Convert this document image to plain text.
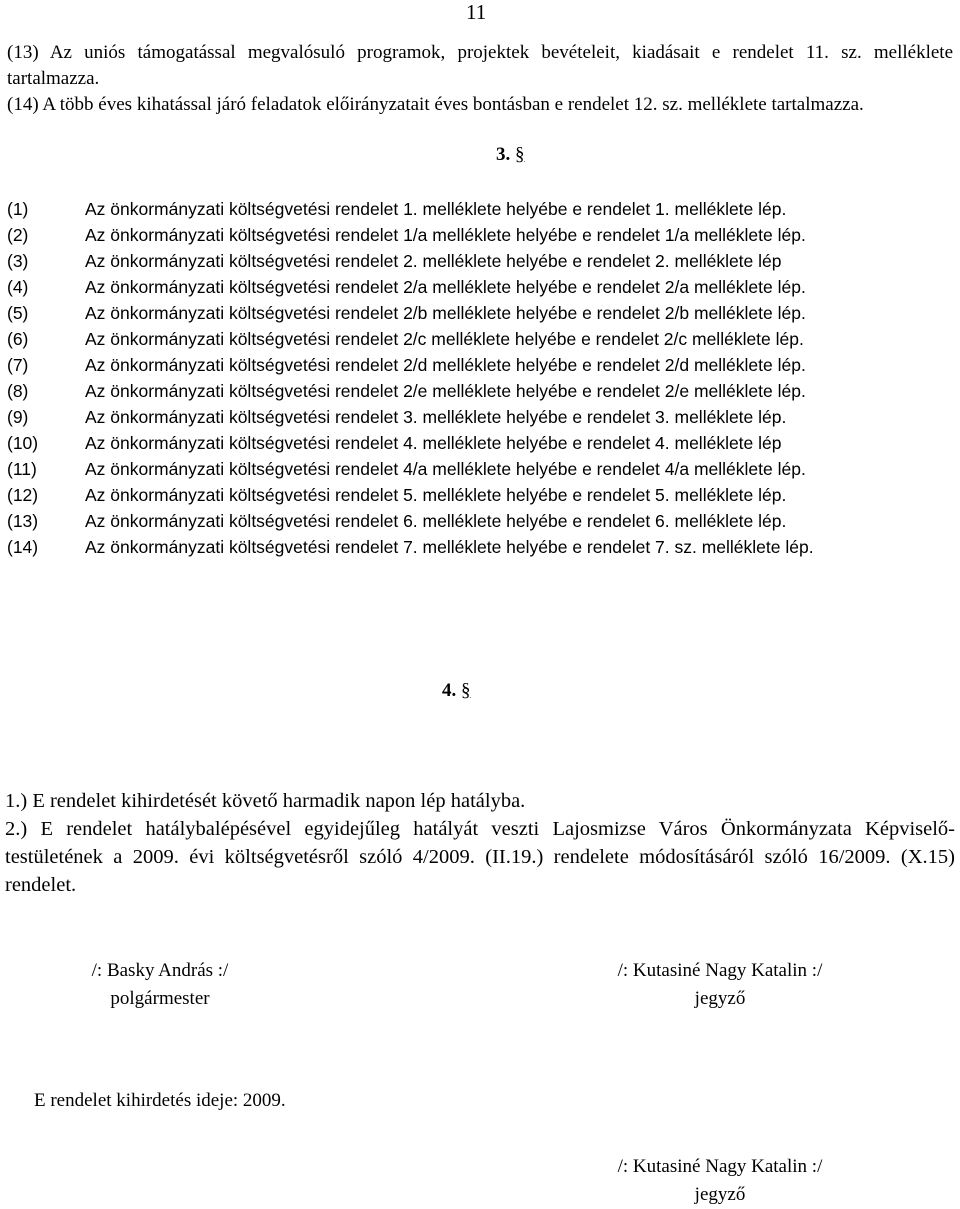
11
(13) Az uniós támogatással megvalósuló programok, projektek bevételeit, kiadásait e rendelet 11. sz. melléklete tartalmazza.
(14) A több éves kihatással járó feladatok előirányzatait éves bontásban e rendelet 12. sz. melléklete tartalmazza.
3. §
(1)	Az önkormányzati költségvetési rendelet 1. melléklete helyébe e rendelet 1. melléklete lép.
(2)	Az önkormányzati költségvetési rendelet 1/a melléklete helyébe e rendelet 1/a melléklete lép.
(3)	Az önkormányzati költségvetési rendelet 2. melléklete helyébe e rendelet 2. melléklete lép
(4)	Az önkormányzati költségvetési rendelet 2/a melléklete helyébe e rendelet 2/a melléklete lép.
(5)	Az önkormányzati költségvetési rendelet 2/b melléklete helyébe e rendelet 2/b melléklete lép.
(6)	Az önkormányzati költségvetési rendelet 2/c melléklete helyébe e rendelet 2/c melléklete lép.
(7)	Az önkormányzati költségvetési rendelet 2/d melléklete helyébe e rendelet 2/d melléklete lép.
(8)	Az önkormányzati költségvetési rendelet 2/e melléklete helyébe e rendelet 2/e melléklete lép.
(9)	Az önkormányzati költségvetési rendelet 3. melléklete helyébe e rendelet 3. melléklete lép.
(10)	Az önkormányzati költségvetési rendelet 4. melléklete helyébe e rendelet 4. melléklete lép
(11)	Az önkormányzati költségvetési rendelet 4/a melléklete helyébe e rendelet 4/a melléklete lép.
(12)	Az önkormányzati költségvetési rendelet 5. melléklete helyébe e rendelet 5. melléklete lép.
(13)	Az önkormányzati költségvetési rendelet 6. melléklete helyébe e rendelet 6. melléklete lép.
(14)	Az önkormányzati költségvetési rendelet 7. melléklete helyébe e rendelet 7. sz. melléklete lép.
4. §
1.) E rendelet kihirdetését követő harmadik napon lép hatályba.
2.) E rendelet hatálybalépésével egyidejűleg hatályát veszti Lajosmizse Város Önkormányzata Képviselő-testületének a 2009. évi költségvetésről szóló 4/2009. (II.19.) rendelete módosításáról szóló 16/2009. (X.15) rendelet.
/: Basky András :/
polgármester
/: Kutasiné Nagy Katalin :/
jegyző
E rendelet kihirdetés ideje: 2009.
/: Kutasiné Nagy Katalin :/
jegyző
